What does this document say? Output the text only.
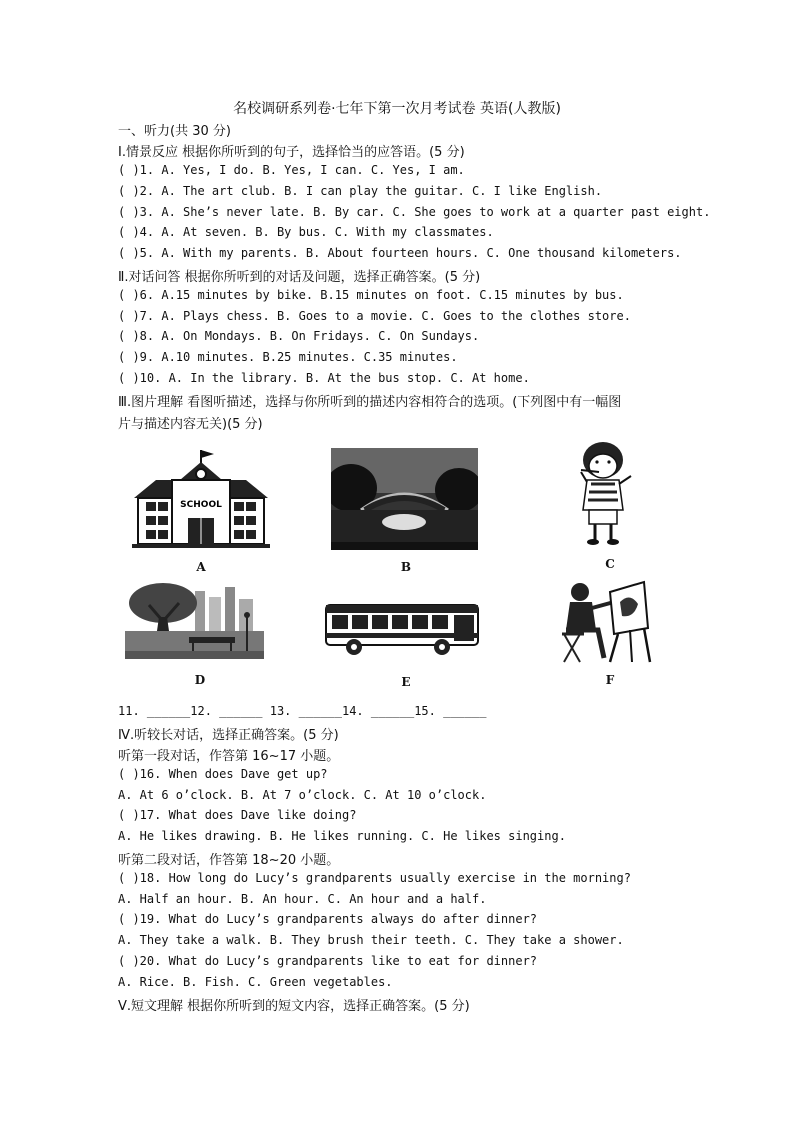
名校调研系列卷·七年下第一次月考试卷 英语(人教版)
一、听力(共 30 分)
Ⅰ.情景反应 根据你所听到的句子，选择恰当的应答语。(5 分)
( )1. A. Yes, I do. B. Yes, I can. C. Yes, I am.
( )2. A. The art club. B. I can play the guitar. C. I like English.
( )3. A. She’s never late. B. By car. C. She goes to work at a quarter past eight.
( )4. A. At seven. B. By bus. C. With my classmates.
( )5. A. With my parents. B. About fourteen hours. C. One thousand kilometers.
Ⅱ.对话问答 根据你所听到的对话及问题，选择正确答案。(5 分)
( )6. A.15 minutes by bike. B.15 minutes on foot. C.15 minutes by bus.
( )7. A. Plays chess. B. Goes to a movie. C. Goes to the clothes store.
( )8. A. On Mondays. B. On Fridays. C. On Sundays.
( )9. A.10 minutes. B.25 minutes. C.35 minutes.
( )10. A. In the library. B. At the bus stop. C. At home.
Ⅲ.图片理解 看图听描述，选择与你所听到的描述内容相符合的选项。(下列图中有一幅图
片与描述内容无关)(5 分)
SCHOOL
A	B	C
D	E	F
11. ______12. ______ 13. ______14. ______15. ______
Ⅳ.听较长对话，选择正确答案。(5 分)
听第一段对话，作答第 16~17 小题。
( )16. When does Dave get up?
A. At 6 o’clock. B. At 7 o’clock. C. At 10 o’clock.
( )17. What does Dave like doing?
A. He likes drawing. B. He likes running. C. He likes singing.
听第二段对话，作答第 18~20 小题。
( )18. How long do Lucy’s grandparents usually exercise in the morning?
A. Half an hour. B. An hour. C. An hour and a half.
( )19. What do Lucy’s grandparents always do after dinner?
A. They take a walk. B. They brush their teeth. C. They take a shower.
( )20. What do Lucy’s grandparents like to eat for dinner?
A. Rice. B. Fish. C. Green vegetables.
Ⅴ.短文理解 根据你所听到的短文内容，选择正确答案。(5 分)
